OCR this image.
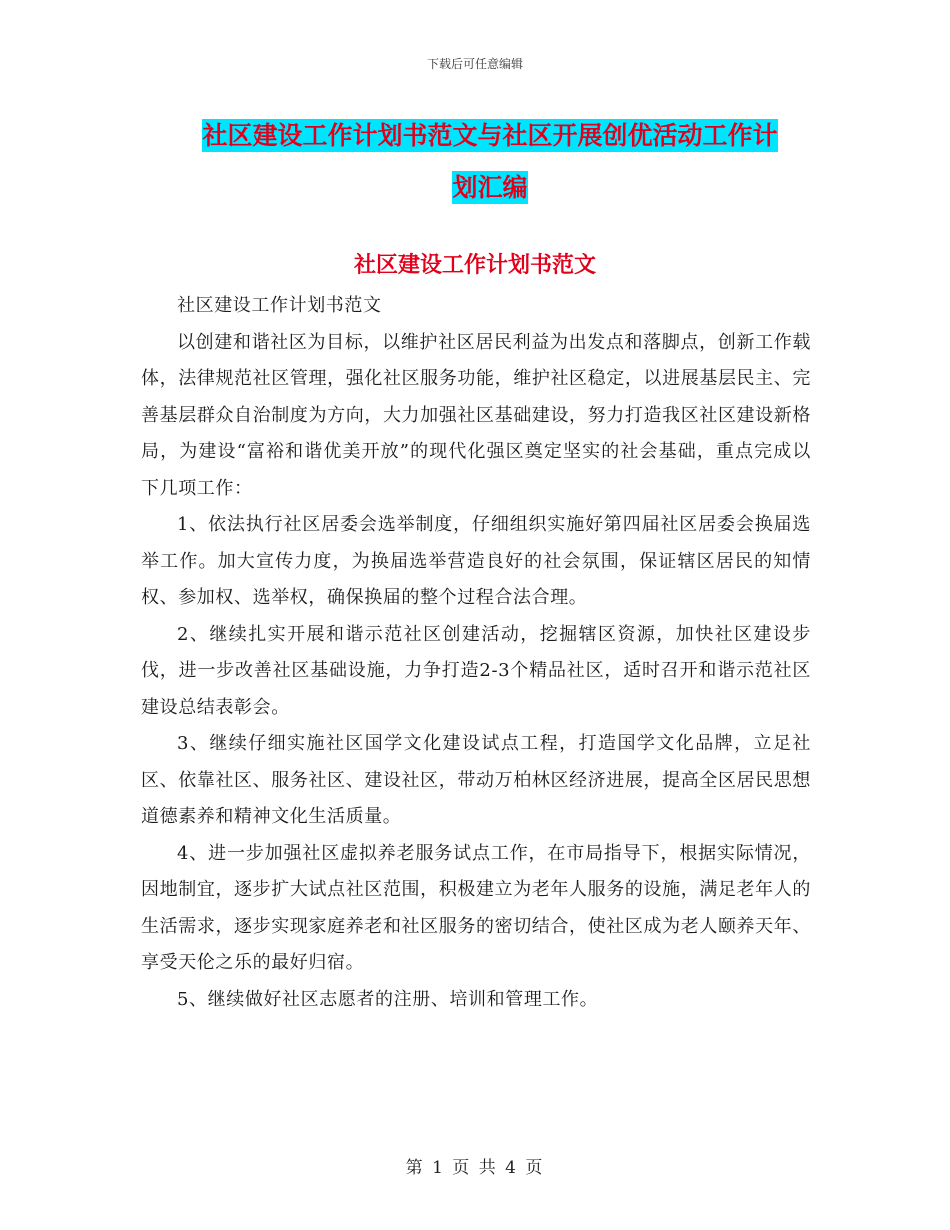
下载后可任意编辑
社区建设工作计划书范文与社区开展创优活动工作计
划汇编
社区建设工作计划书范文

社区建设工作计划书范文

以创建和谐社区为目标，以维护社区居民利益为出发点和落脚点，创新工作载体，法律规范社区管理，强化社区服务功能，维护社区稳定，以进展基层民主、完善基层群众自治制度为方向，大力加强社区基础建设，努力打造我区社区建设新格局，为建设“富裕和谐优美开放”的现代化强区奠定坚实的社会基础，重点完成以下几项工作：

1、依法执行社区居委会选举制度，仔细组织实施好第四届社区居委会换届选举工作。加大宣传力度，为换届选举营造良好的社会氛围，保证辖区居民的知情权、参加权、选举权，确保换届的整个过程合法合理。

2、继续扎实开展和谐示范社区创建活动，挖掘辖区资源，加快社区建设步伐，进一步改善社区基础设施，力争打造2-3个精品社区，适时召开和谐示范社区建设总结表彰会。

3、继续仔细实施社区国学文化建设试点工程，打造国学文化品牌，立足社区、依靠社区、服务社区、建设社区，带动万柏林区经济进展，提高全区居民思想道德素养和精神文化生活质量。

4、进一步加强社区虚拟养老服务试点工作，在市局指导下，根据实际情况，因地制宜，逐步扩大试点社区范围，积极建立为老年人服务的设施，满足老年人的生活需求，逐步实现家庭养老和社区服务的密切结合，使社区成为老人颐养天年、享受天伦之乐的最好归宿。

5、继续做好社区志愿者的注册、培训和管理工作。

第 1 页 共 4 页
